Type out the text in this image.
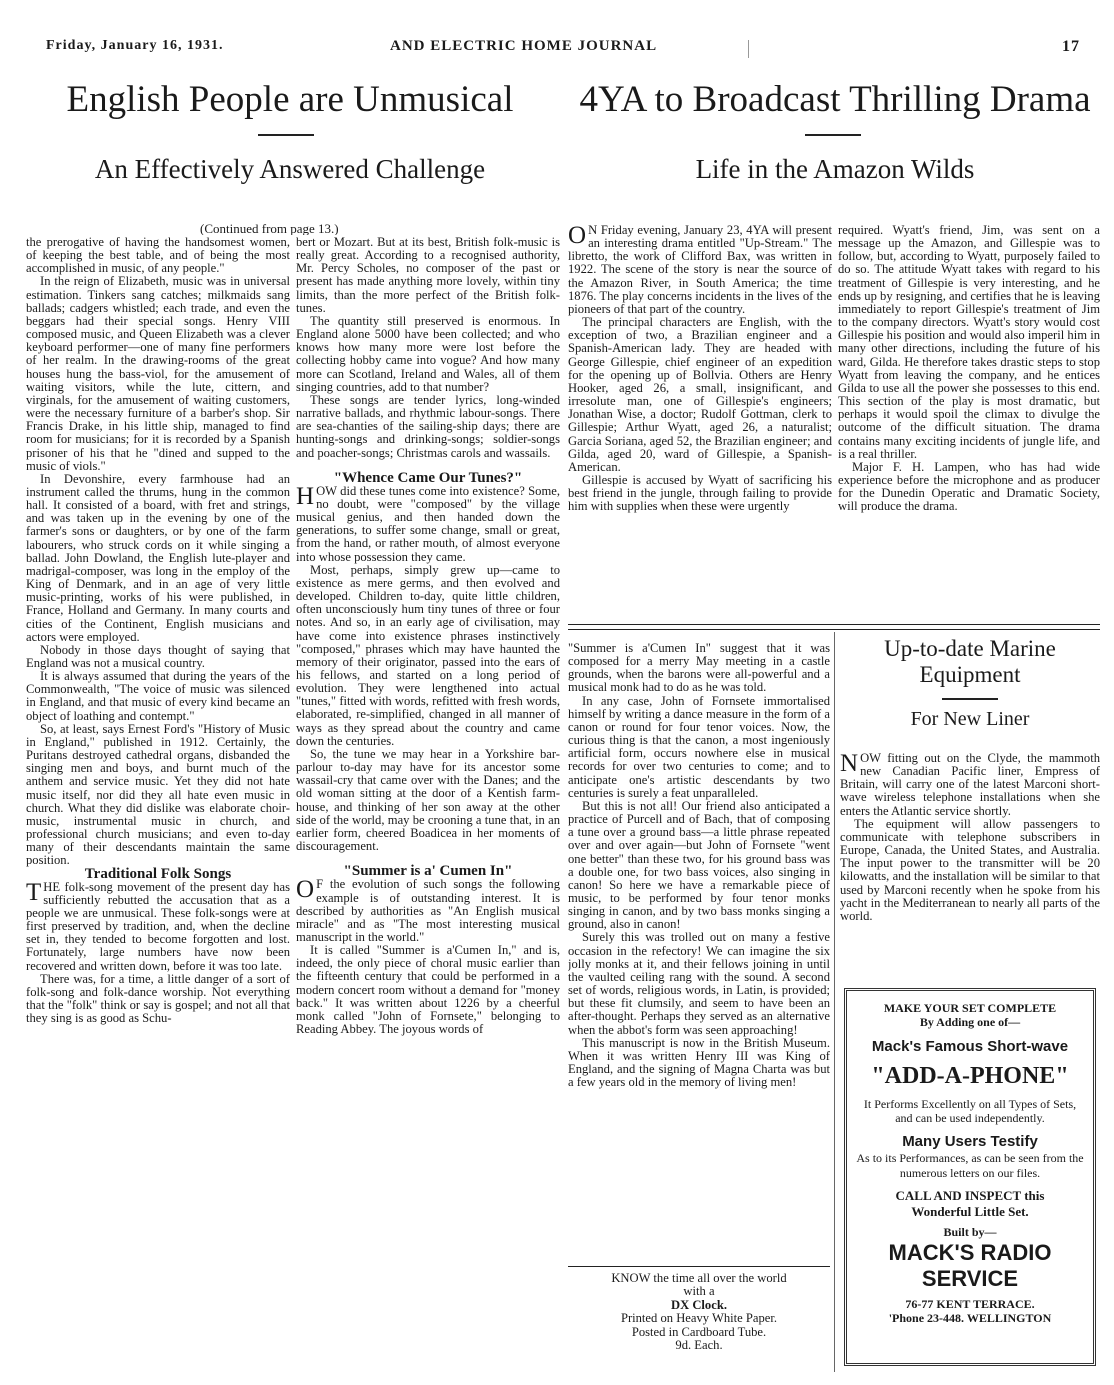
Friday, January 16, 1931.	AND ELECTRIC HOME JOURNAL	17
English People are Unmusical	4YA to Broadcast Thrilling Drama
An Effectively Answered Challenge	Life in the Amazon Wilds
(Continued from page 13.)

the prerogative of having the handsomest women, of keeping the best table, and of being the most accomplished in music, of any people."

In the reign of Elizabeth, music was in universal estimation. Tinkers sang catches; milkmaids sang ballads; cadgers whistled; each trade, and even the beggars had their special songs. Henry VIII composed music, and Queen Elizabeth was a clever keyboard performer—one of many fine performers of her realm. In the drawing-rooms of the great houses hung the bass-viol, for the amusement of waiting visitors, while the lute, cittern, and virginals, for the amusement of waiting customers, were the necessary furniture of a barber's shop. Sir Francis Drake, in his little ship, managed to find room for musicians; for it is recorded by a Spanish prisoner of his that he "dined and supped to the music of viols."

In Devonshire, every farmhouse had an instrument called the thrums, hung in the common hall. It consisted of a board, with fret and strings, and was taken up in the evening by one of the farmer's sons or daughters, or by one of the farm labourers, who struck cords on it while singing a ballad. John Dowland, the English lute-player and madrigal-composer, was long in the employ of the King of Denmark, and in an age of very little music-printing, works of his were published, in France, Holland and Germany. In many courts and cities of the Continent, English musicians and actors were employed.

Nobody in those days thought of saying that England was not a musical country.

It is always assumed that during the years of the Commonwealth, "The voice of music was silenced in England, and that music of every kind became an object of loathing and contempt."

So, at least, says Ernest Ford's "History of Music in England," published in 1912. Certainly, the Puritans destroyed cathedral organs, disbanded the singing men and boys, and burnt much of the anthem and service music. Yet they did not hate music itself, nor did they all hate even music in church. What they did dislike was elaborate choir-music, instrumental music in church, and professional church musicians; and even to-day many of their descendants maintain the same position.

Traditional Folk Songs

THE folk-song movement of the present day has sufficiently rebutted the accusation that as a people we are unmusical. These folk-songs were at first preserved by tradition, and, when the decline set in, they tended to become forgotten and lost. Fortunately, large numbers have now been recovered and written down, before it was too late.

There was, for a time, a little danger of a sort of folk-song and folk-dance worship. Not everything that the "folk" think or say is gospel; and not all that they sing is as good as Schu-

bert or Mozart. But at its best, British folk-music is really great. According to a recognised authority, Mr. Percy Scholes, no composer of the past or present has made anything more lovely, within tiny limits, than the more perfect of the British folk-tunes.

The quantity still preserved is enormous. In England alone 5000 have been collected; and who knows how many more were lost before the collecting hobby came into vogue? And how many more can Scotland, Ireland and Wales, all of them singing countries, add to that number?

These songs are tender lyrics, long-winded narrative ballads, and rhythmic labour-songs. There are sea-chanties of the sailing-ship days; there are hunting-songs and drinking-songs; soldier-songs and poacher-songs; Christmas carols and wassails.

"Whence Came Our Tunes?"

HOW did these tunes come into existence? Some, no doubt, were "composed" by the village musical genius, and then handed down the generations, to suffer some change, small or great, from the hand, or rather mouth, of almost everyone into whose possession they came.

Most, perhaps, simply grew up—came to existence as mere germs, and then evolved and developed. Children to-day, quite little children, often unconsciously hum tiny tunes of three or four notes. And so, in an early age of civilisation, may have come into existence phrases instinctively "composed," phrases which may have haunted the memory of their originator, passed into the ears of his fellows, and started on a long period of evolution. They were lengthened into actual "tunes," fitted with words, refitted with fresh words, elaborated, re-simplified, changed in all manner of ways as they spread about the country and came down the centuries.

So, the tune we may hear in a Yorkshire bar-parlour to-day may have for its ancestor some wassail-cry that came over with the Danes; and the old woman sitting at the door of a Kentish farm-house, and thinking of her son away at the other side of the world, may be crooning a tune that, in an earlier form, cheered Boadicea in her moments of discouragement.

"Summer is a' Cumen In"

O F the evolution of such songs the following example is of outstanding interest. It is described by authorities as "An English musical miracle" and as "The most interesting musical manuscript in the world."

It is called "Summer is a'Cumen In," and is, indeed, the only piece of choral music earlier than the fifteenth century that could be performed in a modern concert room without a demand for "money back." It was written about 1226 by a cheerful monk called "John of Fornsete," belonging to Reading Abbey. The joyous words of

O N Friday evening, January 23, 4YA will present an interesting drama entitled "Up-Stream." The libretto, the work of Clifford Bax, was written in 1922. The scene of the story is near the source of the Amazon River, in South America; the time 1876. The play concerns incidents in the lives of the pioneers of that part of the country.

The principal characters are English, with the exception of two, a Brazilian engineer and a Spanish-American lady. They are headed with George Gillespie, chief engineer of an expedition for the opening up of Bollvia. Others are Henry Hooker, aged 26, a small, insignificant, and irresolute man, one of Gillespie's engineers; Jonathan Wise, a doctor; Rudolf Gottman, clerk to Gillespie; Arthur Wyatt, aged 26, a naturalist; Garcia Soriana, aged 52, the Brazilian engineer; and Gilda, aged 20, ward of Gillespie, a Spanish-American.

Gillespie is accused by Wyatt of sacrificing his best friend in the jungle, through failing to provide him with supplies when these were urgently

required. Wyatt's friend, Jim, was sent on a message up the Amazon, and Gillespie was to follow, but, according to Wyatt, purposely failed to do so. The attitude Wyatt takes with regard to his treatment of Gillespie is very interesting, and he ends up by resigning, and certifies that he is leaving immediately to report Gillespie's treatment of Jim to the company directors. Wyatt's story would cost Gillespie his position and would also imperil him in many other directions, including the future of his ward, Gilda. He therefore takes drastic steps to stop Wyatt from leaving the company, and he entices Gilda to use all the power she possesses to this end. This section of the play is most dramatic, but perhaps it would spoil the climax to divulge the outcome of the difficult situation. The drama contains many exciting incidents of jungle life, and is a real thriller.

Major F. H. Lampen, who has had wide experience before the microphone and as producer for the Dunedin Operatic and Dramatic Society, will produce the drama.

"Summer is a'Cumen In" suggest that it was composed for a merry May meeting in a castle grounds, when the barons were all-powerful and a musical monk had to do as he was told.

In any case, John of Fornsete immortalised himself by writing a dance measure in the form of a canon or round for four tenor voices. Now, the curious thing is that the canon, a most ingeniously artificial form, occurs nowhere else in musical records for over two centuries to come; and to anticipate one's artistic descendants by two centuries is surely a feat unparalleled.

But this is not all! Our friend also anticipated a practice of Purcell and of Bach, that of composing a tune over a ground bass—a little phrase repeated over and over again—but John of Fornsete "went one better" than these two, for his ground bass was a double one, for two bass voices, also singing in canon! So here we have a remarkable piece of music, to be performed by four tenor monks singing in canon, and by two bass monks singing a ground, also in canon!

Surely this was trolled out on many a festive occasion in the refectory! We can imagine the six jolly monks at it, and their fellows joining in until the vaulted ceiling rang with the sound. A second set of words, religious words, in Latin, is provided; but these fit clumsily, and seem to have been an after-thought. Perhaps they served as an alternative when the abbot's form was seen approaching!

This manuscript is now in the British Museum. When it was written Henry III was King of England, and the signing of Magna Charta was but a few years old in the memory of living men!

KNOW the time all over the world
with a
DX Clock.
Printed on Heavy White Paper.
Posted in Cardboard Tube.
9d. Each.
Up-to-date Marine
Equipment
For New Liner

NOW fitting out on the Clyde, the mammoth new Canadian Pacific liner, Empress of Britain, will carry one of the latest Marconi short-wave wireless telephone installations when she enters the Atlantic service shortly.

The equipment will allow passengers to communicate with telephone subscribers in Europe, Canada, the United States, and Australia. The input power to the transmitter will be 20 kilowatts, and the installation will be similar to that used by Marconi recently when he spoke from his yacht in the Mediterranean to nearly all parts of the world.

MAKE YOUR SET COMPLETE
By Adding one of—
Mack's Famous Short-wave
"ADD-A-PHONE"
It Performs Excellently on all Types of Sets, and can be used independently.
Many Users Testify
As to its Performances, as can be seen from the numerous letters on our files.
CALL AND INSPECT this
Wonderful Little Set.
Built by—
MACK'S RADIO
SERVICE
76-77 KENT TERRACE.
'Phone 23-448. WELLINGTON
